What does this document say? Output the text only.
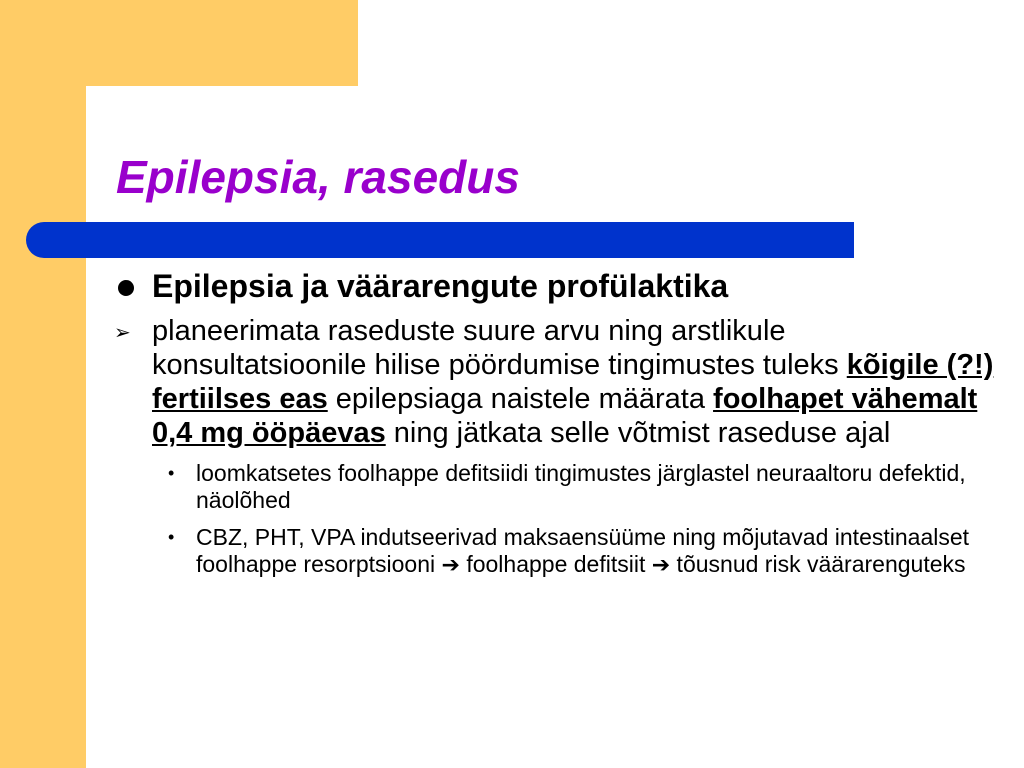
Epilepsia, rasedus
Epilepsia ja väärarengute profülaktika
➢ planeerimata raseduste suure arvu ning arstlikule konsultatsioonile hilise pöördumise tingimustes tuleks kõigile (?!) fertiilses eas epilepsiaga naistele määrata foolhapet vähemalt 0,4 mg ööpäevas ning jätkata selle võtmist raseduse ajal
• loomkatsetes foolhappe defitsiidi tingimustes järglastel neuraaltoru defektid, näolõhed
• CBZ, PHT, VPA indutseerivad maksaensüüme ning mõjutavad intestinaalset foolhappe resorptsiooni ➔ foolhappe defitsiit ➔ tõusnud risk väärarenguteks
